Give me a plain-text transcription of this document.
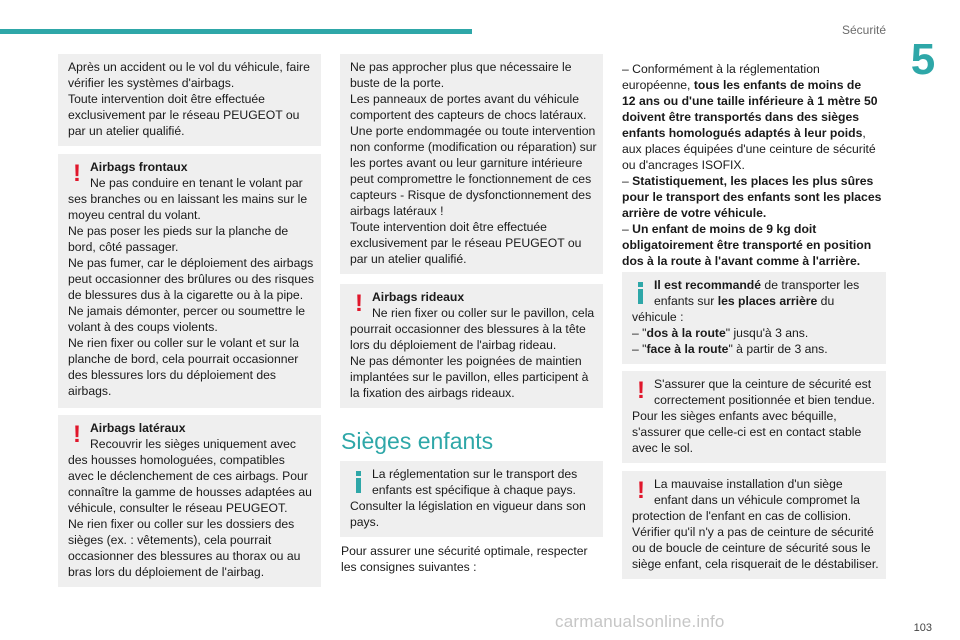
Sécurité
5
Après un accident ou le vol du véhicule, faire
vérifier les systèmes d'airbags.
Toute intervention doit être effectuée
exclusivement par le réseau PEUGEOT ou
par un atelier qualifié.
! Airbags frontaux
Ne pas conduire en tenant le volant par
ses branches ou en laissant les mains sur le
moyeu central du volant.
Ne pas poser les pieds sur la planche de
bord, côté passager.
Ne pas fumer, car le déploiement des airbags
peut occasionner des brûlures ou des risques
de blessures dus à la cigarette ou à la pipe.
Ne jamais démonter, percer ou soumettre le
volant à des coups violents.
Ne rien fixer ou coller sur le volant et sur la
planche de bord, cela pourrait occasionner
des blessures lors du déploiement des
airbags.
! Airbags latéraux
Recouvrir les sièges uniquement avec
des housses homologuées, compatibles
avec le déclenchement de ces airbags. Pour
connaître la gamme de housses adaptées au
véhicule, consulter le réseau PEUGEOT.
Ne rien fixer ou coller sur les dossiers des
sièges (ex. : vêtements), cela pourrait
occasionner des blessures au thorax ou au
bras lors du déploiement de l'airbag.
Ne pas approcher plus que nécessaire le
buste de la porte.
Les panneaux de portes avant du véhicule
comportent des capteurs de chocs latéraux.
Une porte endommagée ou toute intervention
non conforme (modification ou réparation) sur
les portes avant ou leur garniture intérieure
peut compromettre le fonctionnement de ces
capteurs - Risque de dysfonctionnement des
airbags latéraux !
Toute intervention doit être effectuée
exclusivement par le réseau PEUGEOT ou
par un atelier qualifié.
! Airbags rideaux
Ne rien fixer ou coller sur le pavillon, cela
pourrait occasionner des blessures à la tête
lors du déploiement de l'airbag rideau.
Ne pas démonter les poignées de maintien
implantées sur le pavillon, elles participent à
la fixation des airbags rideaux.
Sièges enfants
La réglementation sur le transport des
enfants est spécifique à chaque pays.
Consulter la législation en vigueur dans son
pays.
Pour assurer une sécurité optimale, respecter
les consignes suivantes :
– Conformément à la réglementation
européenne, tous les enfants de moins de
12 ans ou d'une taille inférieure à 1 mètre 50
doivent être transportés dans des sièges
enfants homologués adaptés à leur poids,
aux places équipées d'une ceinture de sécurité
ou d'ancrages ISOFIX.
– Statistiquement, les places les plus sûres
pour le transport des enfants sont les places
arrière de votre véhicule.
– Un enfant de moins de 9 kg doit
obligatoirement être transporté en position
dos à la route à l'avant comme à l'arrière.
Il est recommandé de transporter les
enfants sur les places arrière du
véhicule :
– "dos à la route" jusqu'à 3 ans.
– "face à la route" à partir de 3 ans.
! S'assurer que la ceinture de sécurité est
correctement positionnée et bien tendue.
Pour les sièges enfants avec béquille,
s'assurer que celle-ci est en contact stable
avec le sol.
! La mauvaise installation d'un siège
enfant dans un véhicule compromet la
protection de l'enfant en cas de collision.
Vérifier qu'il n'y a pas de ceinture de sécurité
ou de boucle de ceinture de sécurité sous le
siège enfant, cela risquerait de le déstabiliser.
carmanualsonline.info	103
